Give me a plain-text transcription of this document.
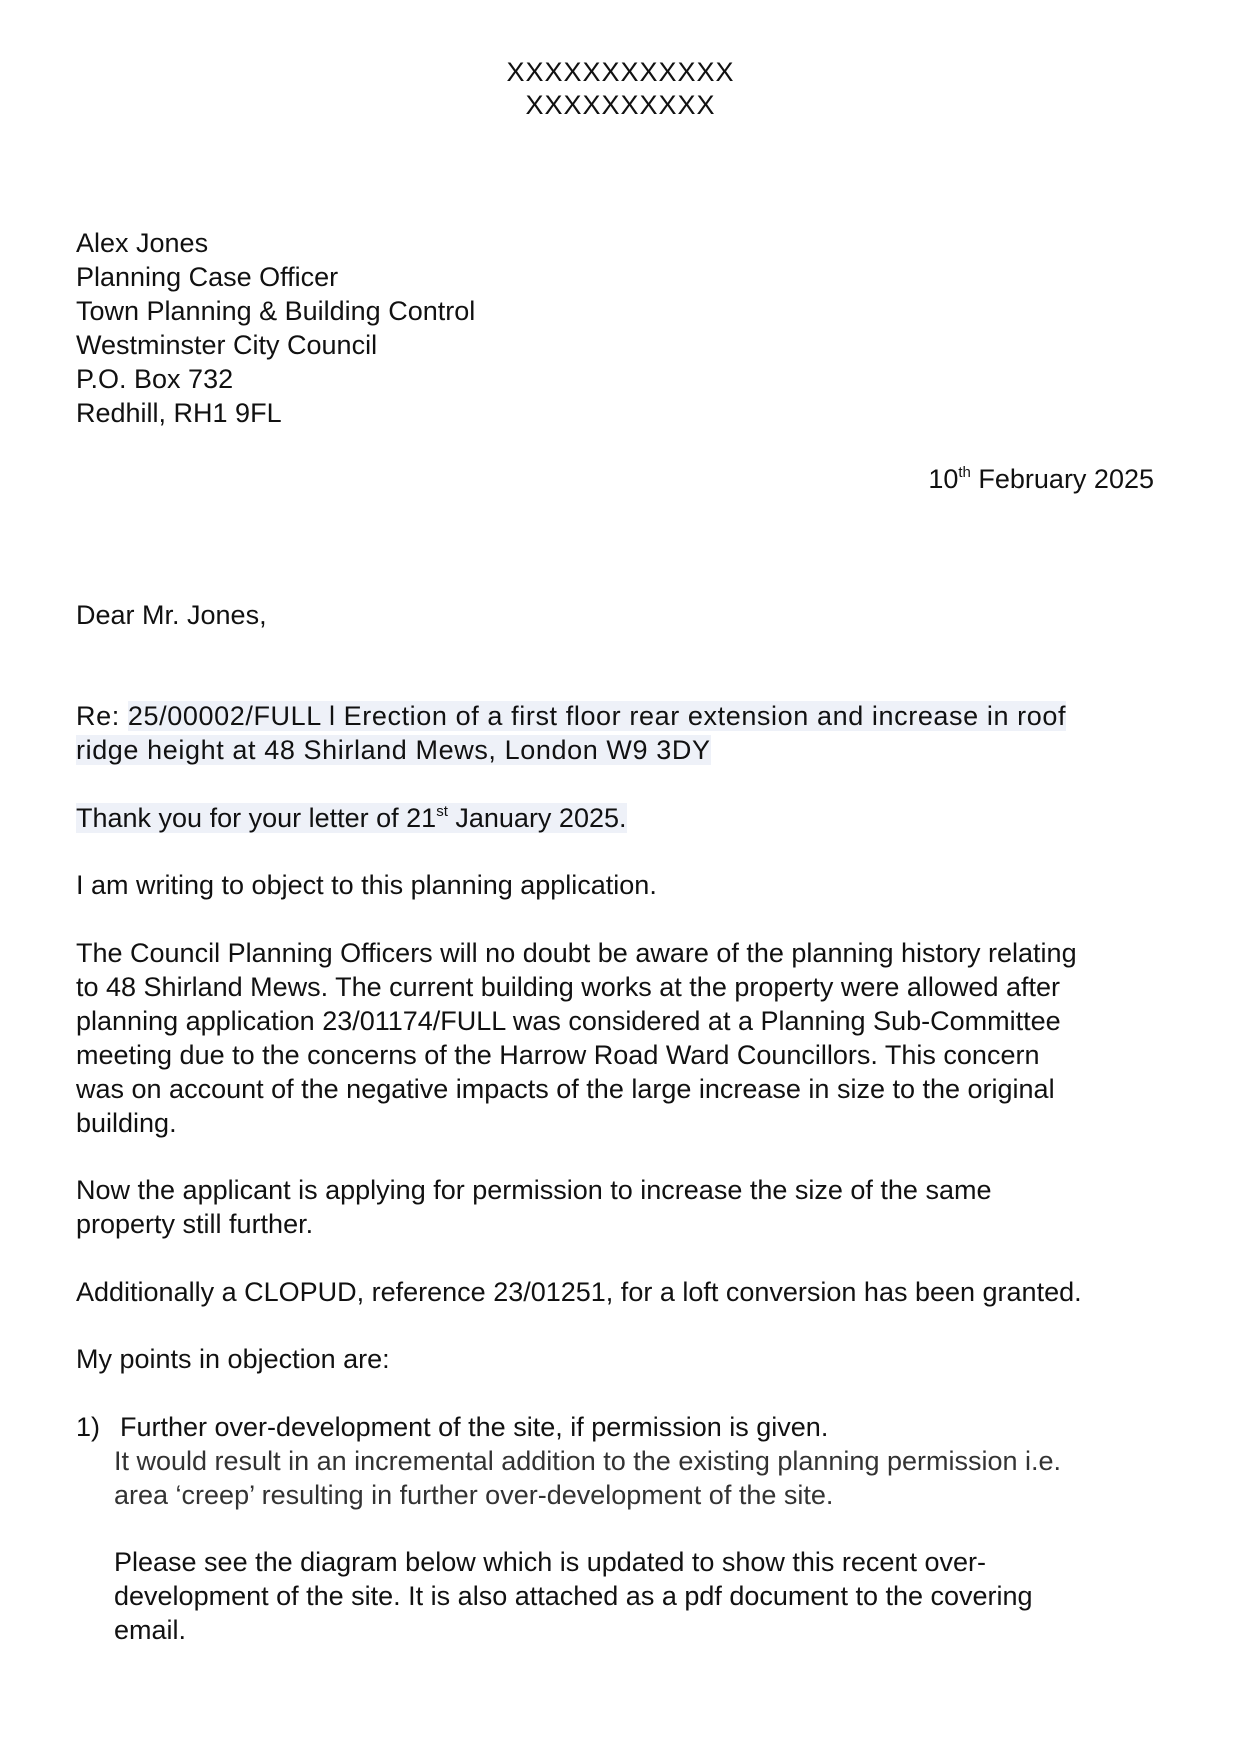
XXXXXXXXXXXX
XXXXXXXXXX
Alex Jones
Planning Case Officer
Town Planning & Building Control
Westminster City Council
P.O. Box 732
Redhill, RH1 9FL
10th February 2025
Dear Mr. Jones,
Re: 25/00002/FULL l Erection of a first floor rear extension and increase in roof
ridge height at 48 Shirland Mews, London W9 3DY
Thank you for your letter of 21st January 2025.
I am writing to object to this planning application.
The Council Planning Officers will no doubt be aware of the planning history relating
to 48 Shirland Mews. The current building works at the property were allowed after
planning application 23/01174/FULL was considered at a Planning Sub-Committee
meeting due to the concerns of the Harrow Road Ward Councillors. This concern
was on account of the negative impacts of the large increase in size to the original
building.
Now the applicant is applying for permission to increase the size of the same
property still further.
Additionally a CLOPUD, reference 23/01251, for a loft conversion has been granted.
My points in objection are:
1) Further over-development of the site, if permission is given.
It would result in an incremental addition to the existing planning permission i.e.
area ‘creep’ resulting in further over-development of the site.
Please see the diagram below which is updated to show this recent over-
development of the site. It is also attached as a pdf document to the covering
email.
